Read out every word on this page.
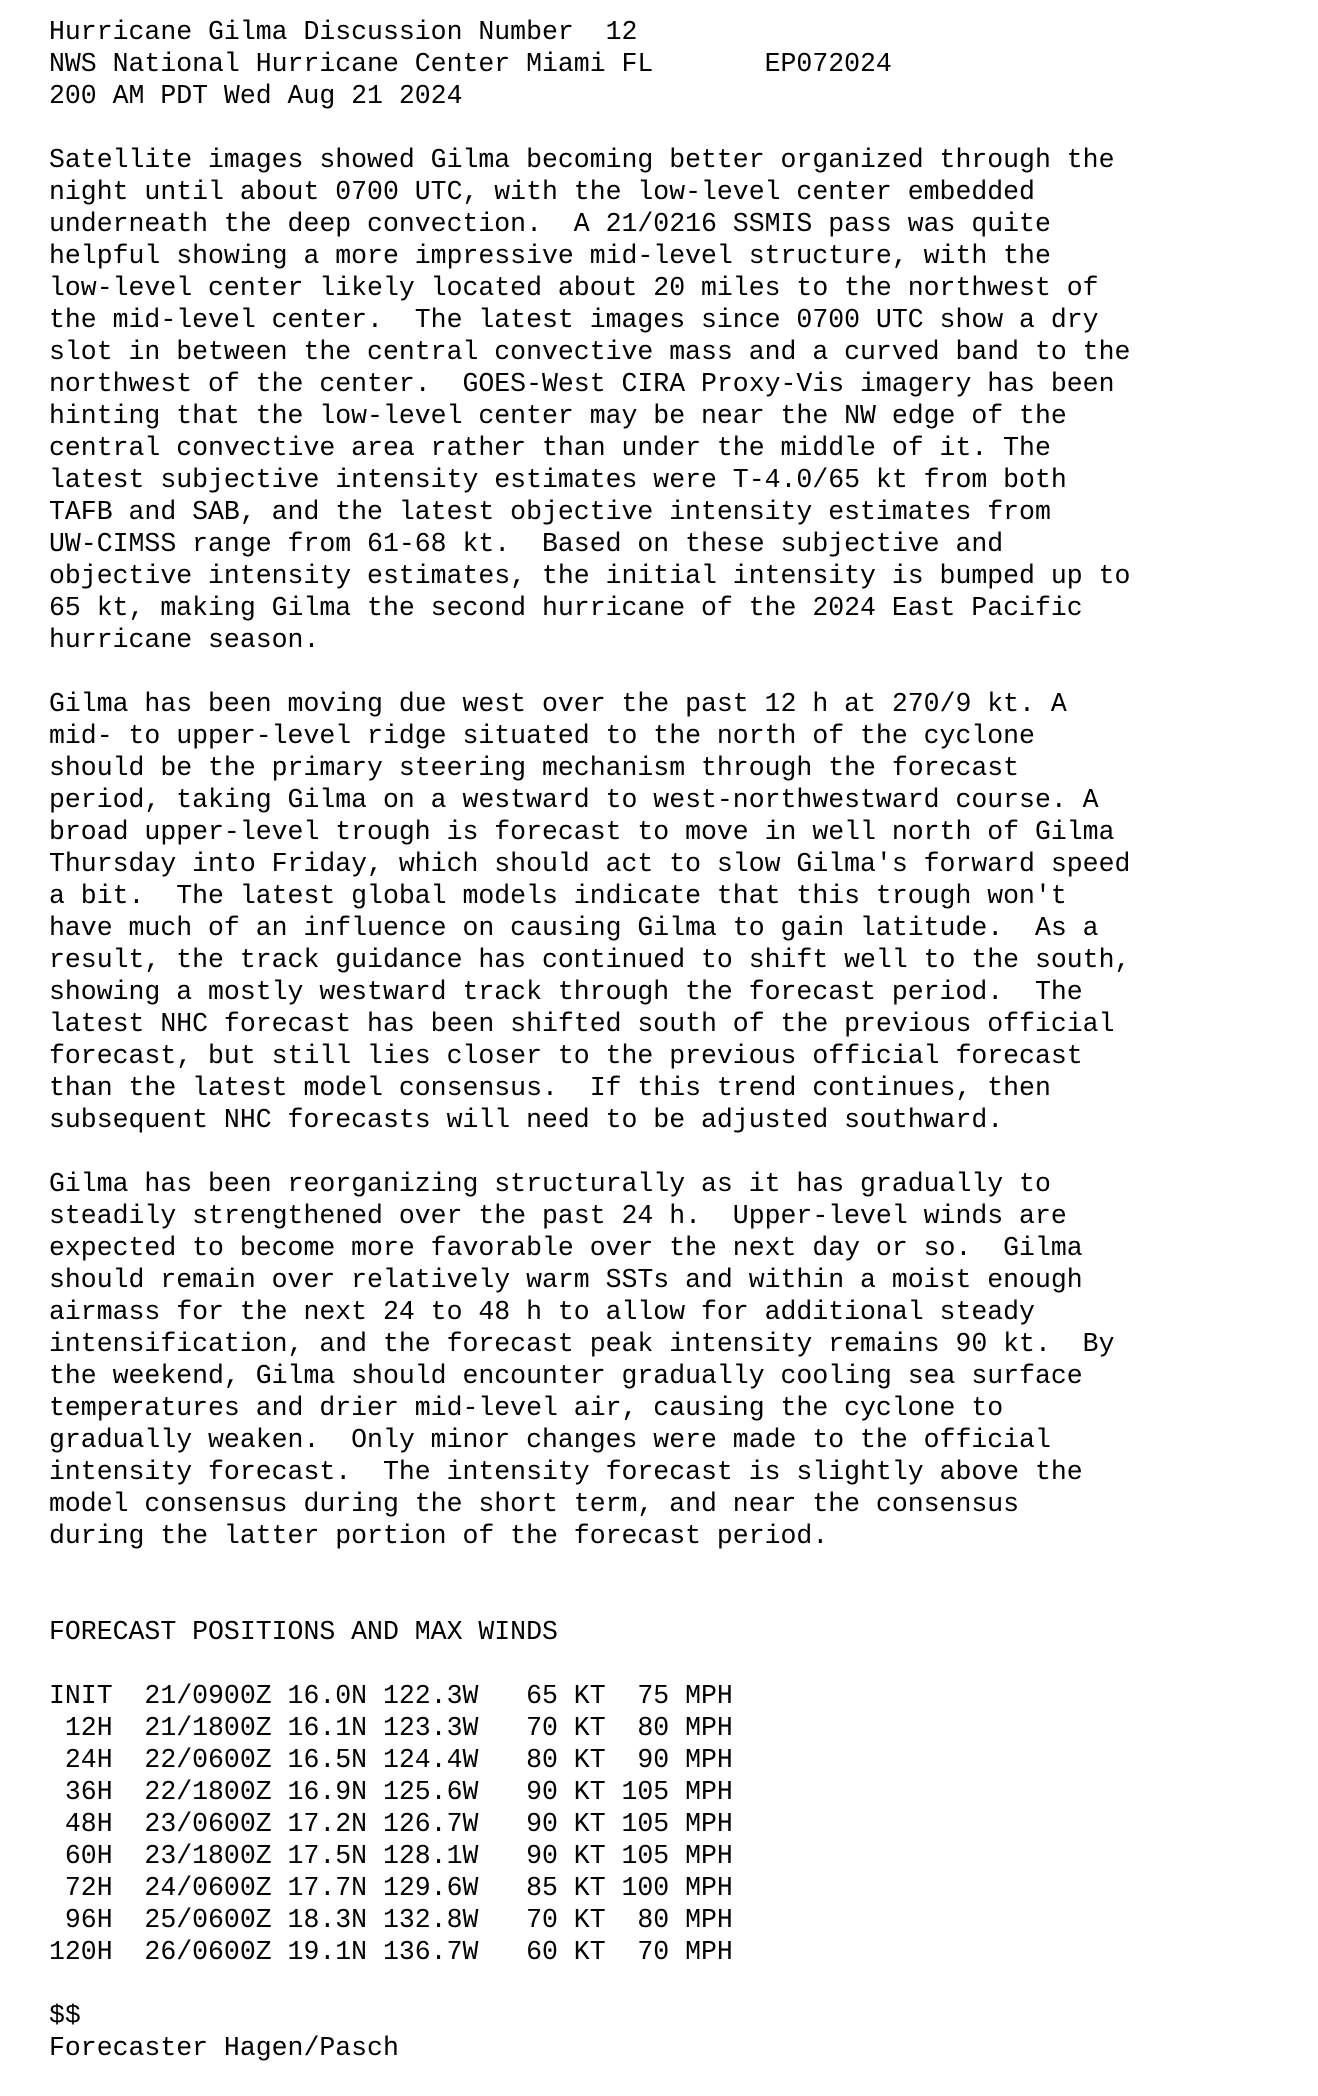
Hurricane Gilma Discussion Number  12
NWS National Hurricane Center Miami FL       EP072024
200 AM PDT Wed Aug 21 2024
Satellite images showed Gilma becoming better organized through the
night until about 0700 UTC, with the low-level center embedded
underneath the deep convection.  A 21/0216 SSMIS pass was quite
helpful showing a more impressive mid-level structure, with the
low-level center likely located about 20 miles to the northwest of
the mid-level center.  The latest images since 0700 UTC show a dry
slot in between the central convective mass and a curved band to the
northwest of the center.  GOES-West CIRA Proxy-Vis imagery has been
hinting that the low-level center may be near the NW edge of the
central convective area rather than under the middle of it. The
latest subjective intensity estimates were T-4.0/65 kt from both
TAFB and SAB, and the latest objective intensity estimates from
UW-CIMSS range from 61-68 kt.  Based on these subjective and
objective intensity estimates, the initial intensity is bumped up to
65 kt, making Gilma the second hurricane of the 2024 East Pacific
hurricane season.
Gilma has been moving due west over the past 12 h at 270/9 kt. A
mid- to upper-level ridge situated to the north of the cyclone
should be the primary steering mechanism through the forecast
period, taking Gilma on a westward to west-northwestward course. A
broad upper-level trough is forecast to move in well north of Gilma
Thursday into Friday, which should act to slow Gilma's forward speed
a bit.  The latest global models indicate that this trough won't
have much of an influence on causing Gilma to gain latitude.  As a
result, the track guidance has continued to shift well to the south,
showing a mostly westward track through the forecast period.  The
latest NHC forecast has been shifted south of the previous official
forecast, but still lies closer to the previous official forecast
than the latest model consensus.  If this trend continues, then
subsequent NHC forecasts will need to be adjusted southward.
Gilma has been reorganizing structurally as it has gradually to
steadily strengthened over the past 24 h.  Upper-level winds are
expected to become more favorable over the next day or so.  Gilma
should remain over relatively warm SSTs and within a moist enough
airmass for the next 24 to 48 h to allow for additional steady
intensification, and the forecast peak intensity remains 90 kt.  By
the weekend, Gilma should encounter gradually cooling sea surface
temperatures and drier mid-level air, causing the cyclone to
gradually weaken.  Only minor changes were made to the official
intensity forecast.  The intensity forecast is slightly above the
model consensus during the short term, and near the consensus
during the latter portion of the forecast period.
FORECAST POSITIONS AND MAX WINDS
INIT  21/0900Z 16.0N 122.3W   65 KT  75 MPH
12H  21/1800Z 16.1N 123.3W   70 KT  80 MPH
24H  22/0600Z 16.5N 124.4W   80 KT  90 MPH
36H  22/1800Z 16.9N 125.6W   90 KT 105 MPH
48H  23/0600Z 17.2N 126.7W   90 KT 105 MPH
60H  23/1800Z 17.5N 128.1W   90 KT 105 MPH
72H  24/0600Z 17.7N 129.6W   85 KT 100 MPH
96H  25/0600Z 18.3N 132.8W   70 KT  80 MPH
120H  26/0600Z 19.1N 136.7W   60 KT  70 MPH
$$
Forecaster Hagen/Pasch
